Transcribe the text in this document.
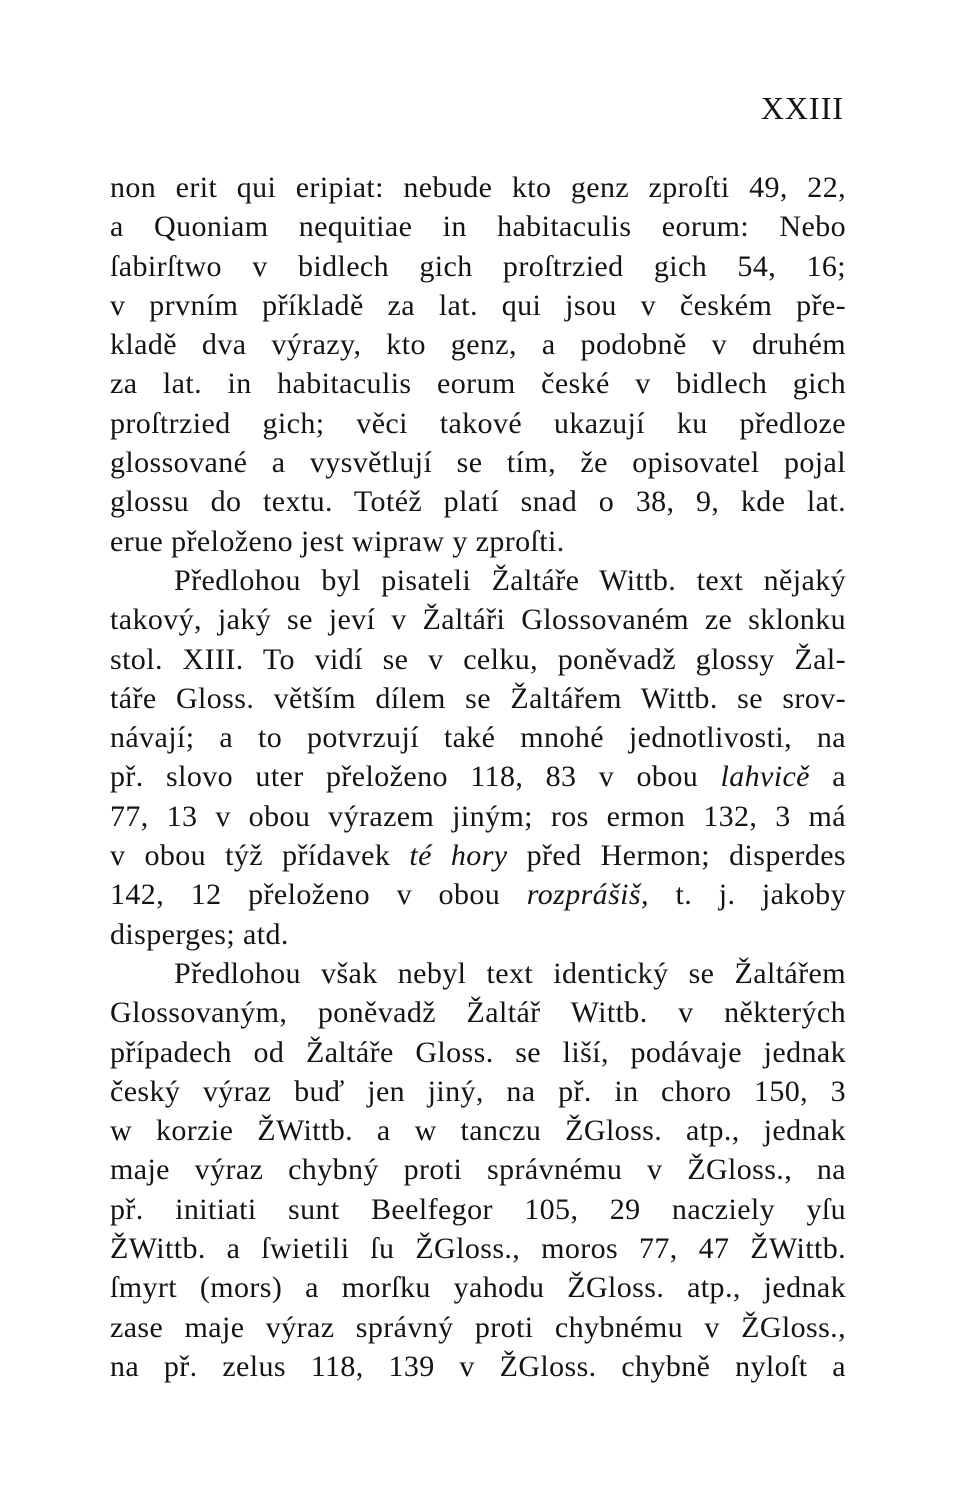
XXIII
non erit qui eripiat: nebude kto genz zproſti 49, 22,
a Quoniam nequitiae in habitaculis eorum: Nebo
ſabirſtwo v bidlech gich proſtrzied gich 54, 16;
v prvním příkladě za lat. qui jsou v českém pře-
kladě dva výrazy, kto genz, a podobně v druhém
za lat. in habitaculis eorum české v bidlech gich
proſtrzied gich; věci takové ukazují ku předloze
glossované a vysvětlují se tím, že opisovatel pojal
glossu do textu. Totéž platí snad o 38, 9, kde lat.
erue přeloženo jest wipraw y zproſti.
Předlohou byl pisateli Žaltáře Wittb. text nějaký
takový, jaký se jeví v Žaltáři Glossovaném ze sklonku
stol. XIII. To vidí se v celku, poněvadž glossy Žal-
táře Gloss. větším dílem se Žaltářem Wittb. se srov-
návají; a to potvrzují také mnohé jednotlivosti, na
př. slovo uter přeloženo 118, 83 v obou lahvicě a
77, 13 v obou výrazem jiným; ros ermon 132, 3 má
v obou týž přídavek té hory před Hermon; disperdes
142, 12 přeloženo v obou rozprášiš, t. j. jakoby
disperges; atd.
Předlohou však nebyl text identický se Žaltářem
Glossovaným, poněvadž Žaltář Wittb. v některých
případech od Žaltáře Gloss. se liší, podávaje jednak
český výraz buď jen jiný, na př. in choro 150, 3
w korzie ŽWittb. a w tanczu ŽGloss. atp., jednak
maje výraz chybný proti správnému v ŽGloss., na
př. initiati sunt Beelfegor 105, 29 nacziely yſu
ŽWittb. a ſwietili ſu ŽGloss., moros 77, 47 ŽWittb.
ſmyrt (mors) a morſku yahodu ŽGloss. atp., jednak
zase maje výraz správný proti chybnému v ŽGloss.,
na př. zelus 118, 139 v ŽGloss. chybně nyloſt a
